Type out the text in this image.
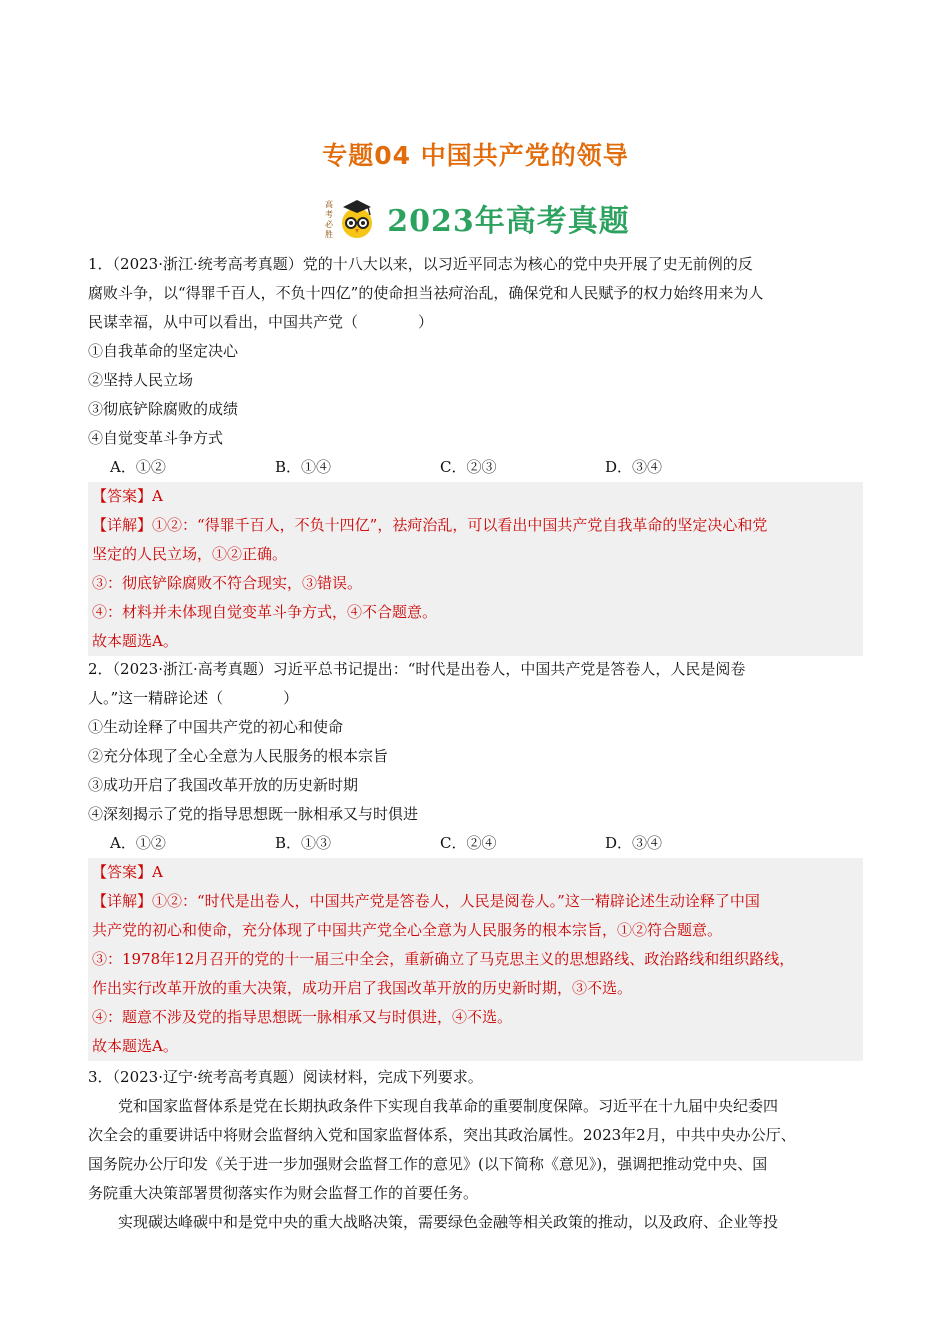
专题04 中国共产党的领导
高
考
必
胜 2023年高考真题
1．（2023·浙江·统考高考真题）党的十八大以来，以习近平同志为核心的党中央开展了史无前例的反
腐败斗争，以“得罪千百人，不负十四亿”的使命担当祛疴治乱，确保党和人民赋予的权力始终用来为人
民谋幸福，从中可以看出，中国共产党（　　　　）
①自我革命的坚定决心
②坚持人民立场
③彻底铲除腐败的成绩
④自觉变革斗争方式
A．①②	B．①④	C．②③	D．③④
【答案】A
【详解】①②：“得罪千百人，不负十四亿”，祛疴治乱，可以看出中国共产党自我革命的坚定决心和党
坚定的人民立场，①②正确。
③：彻底铲除腐败不符合现实，③错误。
④：材料并未体现自觉变革斗争方式，④不合题意。
故本题选A。
2．（2023·浙江·高考真题）习近平总书记提出：“时代是出卷人，中国共产党是答卷人，人民是阅卷
人。”这一精辟论述（　　　　）
①生动诠释了中国共产党的初心和使命
②充分体现了全心全意为人民服务的根本宗旨
③成功开启了我国改革开放的历史新时期
④深刻揭示了党的指导思想既一脉相承又与时俱进
A．①②	B．①③	C．②④	D．③④
【答案】A
【详解】①②：“时代是出卷人，中国共产党是答卷人，人民是阅卷人。”这一精辟论述生动诠释了中国
共产党的初心和使命，充分体现了中国共产党全心全意为人民服务的根本宗旨，①②符合题意。
③：1978年12月召开的党的十一届三中全会，重新确立了马克思主义的思想路线、政治路线和组织路线，
作出实行改革开放的重大决策，成功开启了我国改革开放的历史新时期，③不选。
④：题意不涉及党的指导思想既一脉相承又与时俱进，④不选。
故本题选A。
3．（2023·辽宁·统考高考真题）阅读材料，完成下列要求。
党和国家监督体系是党在长期执政条件下实现自我革命的重要制度保障。习近平在十九届中央纪委四
次全会的重要讲话中将财会监督纳入党和国家监督体系，突出其政治属性。2023年2月，中共中央办公厅、
国务院办公厅印发《关于进一步加强财会监督工作的意见》(以下简称《意见》)，强调把推动党中央、国
务院重大决策部署贯彻落实作为财会监督工作的首要任务。
实现碳达峰碳中和是党中央的重大战略决策，需要绿色金融等相关政策的推动，以及政府、企业等投
